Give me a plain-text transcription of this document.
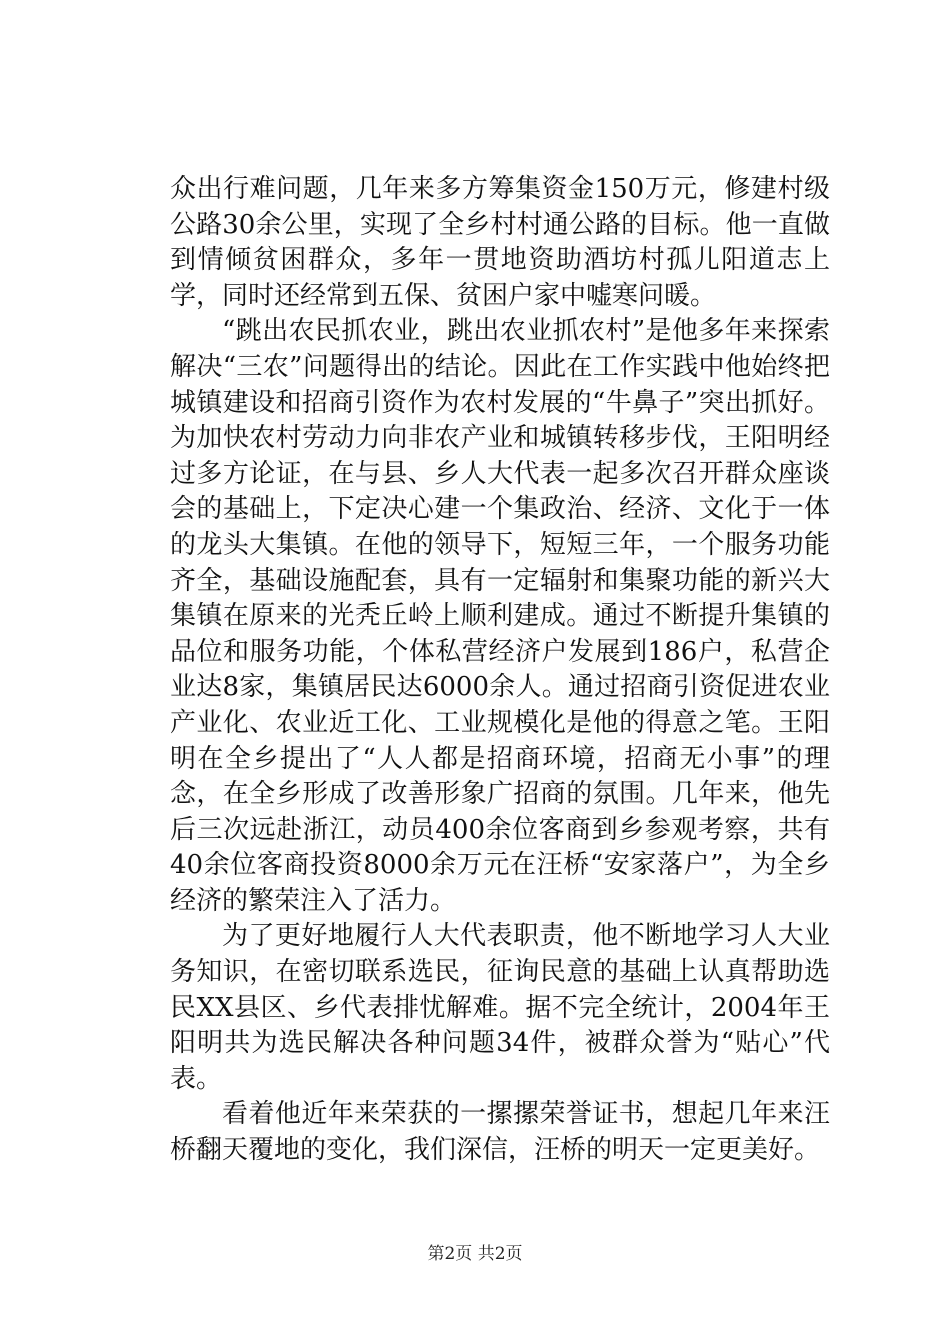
众出行难问题，几年来多方筹集资金150万元，修建村级公路30余公里，实现了全乡村村通公路的目标。他一直做到情倾贫困群众，多年一贯地资助酒坊村孤儿阳道志上学，同时还经常到五保、贫困户家中嘘寒问暖。

“跳出农民抓农业，跳出农业抓农村”是他多年来探索解决“三农”问题得出的结论。因此在工作实践中他始终把城镇建设和招商引资作为农村发展的“牛鼻子”突出抓好。为加快农村劳动力向非农产业和城镇转移步伐，王阳明经过多方论证，在与县、乡人大代表一起多次召开群众座谈会的基础上，下定决心建一个集政治、经济、文化于一体的龙头大集镇。在他的领导下，短短三年，一个服务功能齐全，基础设施配套，具有一定辐射和集聚功能的新兴大集镇在原来的光秃丘岭上顺利建成。通过不断提升集镇的品位和服务功能，个体私营经济户发展到186户，私营企业达8家，集镇居民达6000余人。通过招商引资促进农业产业化、农业近工化、工业规模化是他的得意之笔。王阳明在全乡提出了“人人都是招商环境，招商无小事”的理念，在全乡形成了改善形象广招商的氛围。几年来，他先后三次远赴浙江，动员400余位客商到乡参观考察，共有40余位客商投资8000余万元在汪桥“安家落户”，为全乡经济的繁荣注入了活力。

为了更好地履行人大代表职责，他不断地学习人大业务知识，在密切联系选民，征询民意的基础上认真帮助选民XX县区、乡代表排忧解难。据不完全统计，2004年王阳明共为选民解决各种问题34件，被群众誉为“贴心”代表。

看着他近年来荣获的一摞摞荣誉证书，想起几年来汪桥翻天覆地的变化，我们深信，汪桥的明天一定更美好。

第2页 共2页
